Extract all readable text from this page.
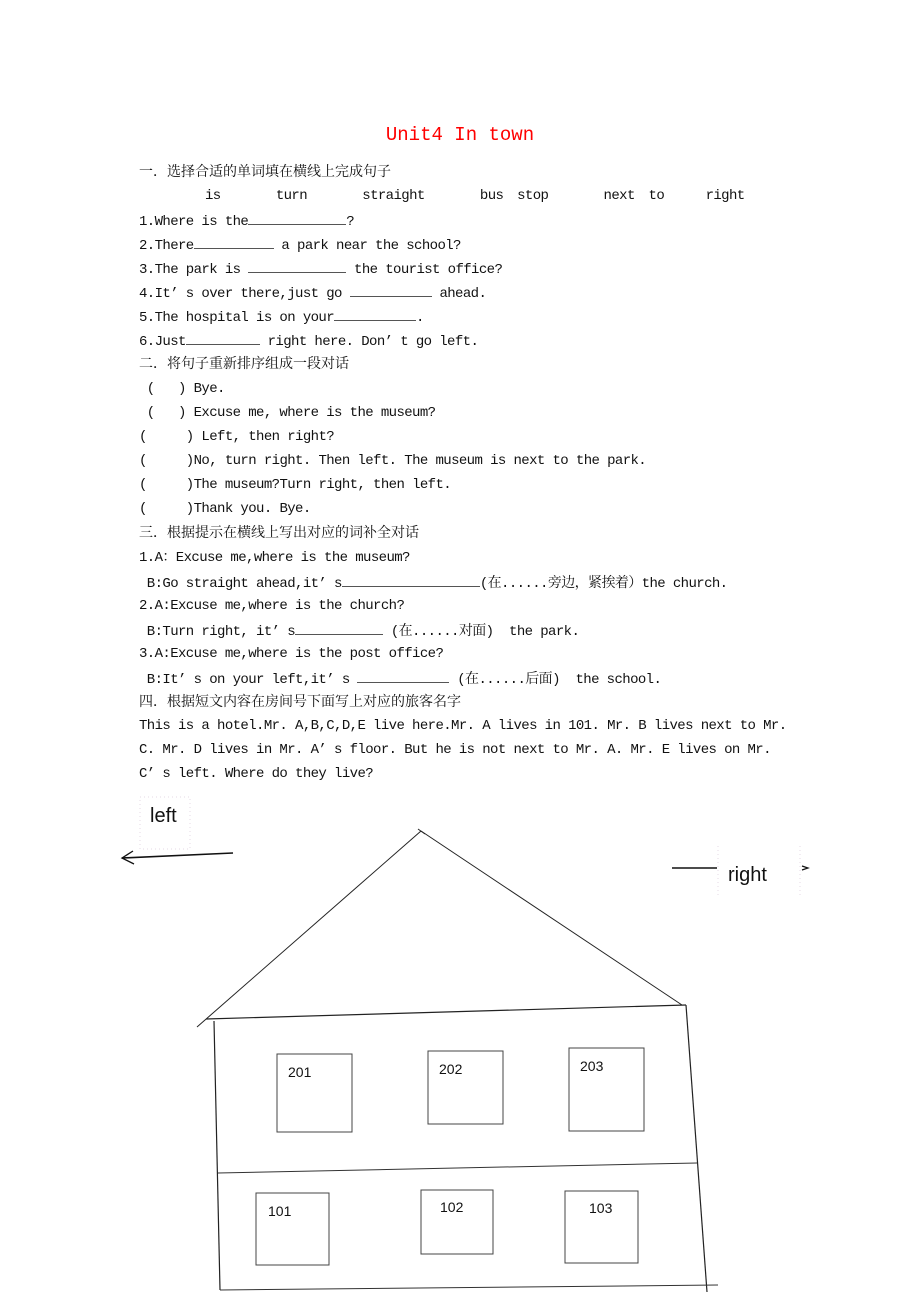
Unit4 In town
一．选择合适的单词填在横线上完成句子
is	turn	straight	bus stop	next to	right
1.Where is the	?
2.There	a park near the school?
3.The park is	the tourist office?
4.It’ s over there,just go	ahead.
5.The hospital is on your	.
6.Just	right here. Don’ t go left.
二．将句子重新排序组成一段对话
(   ) Bye.
(   ) Excuse me, where is the museum?
(     ) Left, then right?
(     )No, turn right. Then left. The museum is next to the park.
(     )The museum?Turn right, then left.
(     )Thank you. Bye.
三．根据提示在横线上写出对应的词补全对话
1.A：Excuse me,where is the museum?
B:Go straight ahead,it’ s	(在......旁边，紧挨着）the church.
2.A:Excuse me,where is the church?
B:Turn right, it’ s	(在......对面)  the park.
3.A:Excuse me,where is the post office?
B:It’ s on your left,it’ s	(在......后面)  the school.
四．根据短文内容在房间号下面写上对应的旅客名字
This is a hotel.Mr. A,B,C,D,E live here.Mr. A lives in 101. Mr. B lives next to Mr.
C. Mr. D lives in Mr. A’ s floor. But he is not next to Mr. A. Mr. E lives on Mr.
C’ s left. Where do they live?
left
right
201	202	203
101	102	103
